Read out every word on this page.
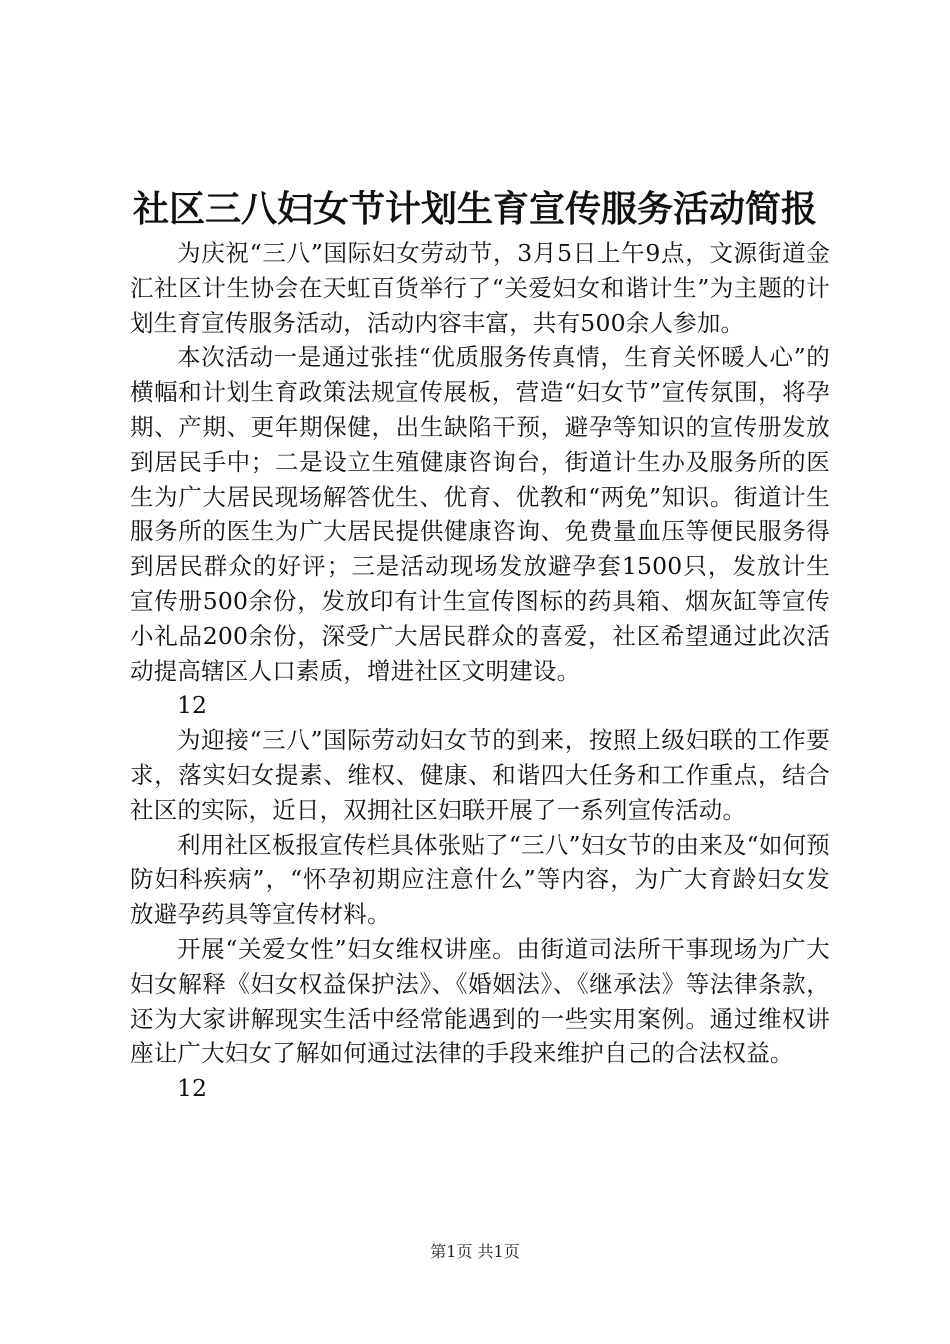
社区三八妇女节计划生育宣传服务活动简报

为庆祝“三八”国际妇女劳动节，3月5日上午9点，文源街道金汇社区计生协会在天虹百货举行了“关爱妇女和谐计生”为主题的计划生育宣传服务活动，活动内容丰富，共有500余人参加。

本次活动一是通过张挂“优质服务传真情，生育关怀暖人心”的横幅和计划生育政策法规宣传展板，营造“妇女节”宣传氛围，将孕期、产期、更年期保健，出生缺陷干预，避孕等知识的宣传册发放到居民手中；二是设立生殖健康咨询台，街道计生办及服务所的医生为广大居民现场解答优生、优育、优教和“两免”知识。街道计生服务所的医生为广大居民提供健康咨询、免费量血压等便民服务得到居民群众的好评；三是活动现场发放避孕套1500只，发放计生宣传册500余份，发放印有计生宣传图标的药具箱、烟灰缸等宣传小礼品200余份，深受广大居民群众的喜爱，社区希望通过此次活动提高辖区人口素质，增进社区文明建设。

12

为迎接“三八”国际劳动妇女节的到来，按照上级妇联的工作要求，落实妇女提素、维权、健康、和谐四大任务和工作重点，结合社区的实际，近日，双拥社区妇联开展了一系列宣传活动。

利用社区板报宣传栏具体张贴了“三八”妇女节的由来及“如何预防妇科疾病”，“怀孕初期应注意什么”等内容，为广大育龄妇女发放避孕药具等宣传材料。

开展“关爱女性”妇女维权讲座。由街道司法所干事现场为广大妇女解释《妇女权益保护法》、《婚姻法》、《继承法》等法律条款，还为大家讲解现实生活中经常能遇到的一些实用案例。通过维权讲座让广大妇女了解如何通过法律的手段来维护自己的合法权益。

12

第1页 共1页
